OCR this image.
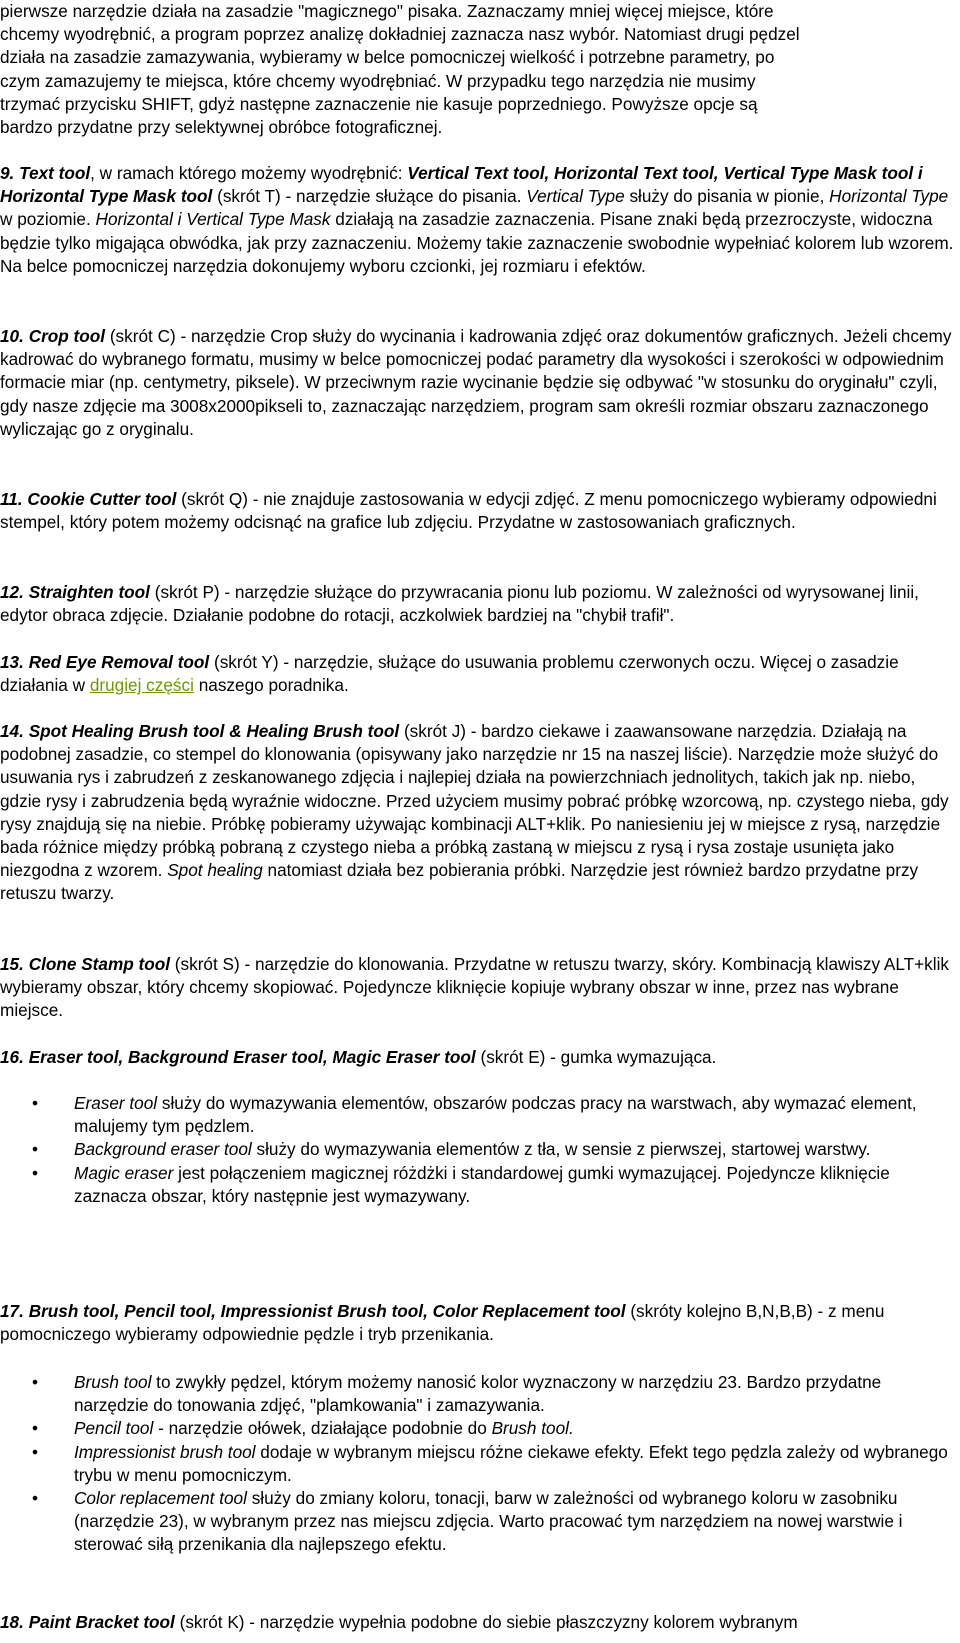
pierwsze narzędzie działa na zasadzie "magicznego" pisaka. Zaznaczamy mniej więcej miejsce, które
chcemy wyodrębnić, a program poprzez analizę dokładniej zaznacza nasz wybór. Natomiast drugi pędzel
działa na zasadzie zamazywania, wybieramy w belce pomocniczej wielkość i potrzebne parametry, po
czym zamazujemy te miejsca, które chcemy wyodrębniać. W przypadku tego narzędzia nie musimy
trzymać przycisku SHIFT, gdyż następne zaznaczenie nie kasuje poprzedniego. Powyższe opcje są
bardzo przydatne przy selektywnej obróbce fotograficznej.

9. Text tool, w ramach którego możemy wyodrębnić: Vertical Text tool, Horizontal Text tool, Vertical Type Mask tool i Horizontal Type Mask tool (skrót T) - narzędzie służące do pisania. Vertical Type służy do pisania w pionie, Horizontal Type w poziomie. Horizontal i Vertical Type Mask działają na zasadzie zaznaczenia. Pisane znaki będą przezroczyste, widoczna będzie tylko migająca obwódka, jak przy zaznaczeniu. Możemy takie zaznaczenie swobodnie wypełniać kolorem lub wzorem. Na belce pomocniczej narzędzia dokonujemy wyboru czcionki, jej rozmiaru i efektów.

10. Crop tool (skrót C) - narzędzie Crop służy do wycinania i kadrowania zdjęć oraz dokumentów graficznych. Jeżeli chcemy kadrować do wybranego formatu, musimy w belce pomocniczej podać parametry dla wysokości i szerokości w odpowiednim formacie miar (np. centymetry, piksele). W przeciwnym razie wycinanie będzie się odbywać "w stosunku do oryginału" czyli, gdy nasze zdjęcie ma 3008x2000pikseli to, zaznaczając narzędziem, program sam określi rozmiar obszaru zaznaczonego wyliczając go z oryginalu.

11. Cookie Cutter tool (skrót Q) - nie znajduje zastosowania w edycji zdjęć. Z menu pomocniczego wybieramy odpowiedni stempel, który potem możemy odcisnąć na grafice lub zdjęciu. Przydatne w zastosowaniach graficznych.

12. Straighten tool (skrót P) - narzędzie służące do przywracania pionu lub poziomu. W zależności od wyrysowanej linii, edytor obraca zdjęcie. Działanie podobne do rotacji, aczkolwiek bardziej na "chybił trafił".

13. Red Eye Removal tool (skrót Y) - narzędzie, służące do usuwania problemu czerwonych oczu. Więcej o zasadzie działania w drugiej części naszego poradnika.

14. Spot Healing Brush tool & Healing Brush tool (skrót J) - bardzo ciekawe i zaawansowane narzędzia. Działają na podobnej zasadzie, co stempel do klonowania (opisywany jako narzędzie nr 15 na naszej liście). Narzędzie może służyć do usuwania rys i zabrudzeń z zeskanowanego zdjęcia i najlepiej działa na powierzchniach jednolitych, takich jak np. niebo, gdzie rysy i zabrudzenia będą wyraźnie widoczne. Przed użyciem musimy pobrać próbkę wzorcową, np. czystego nieba, gdy rysy znajdują się na niebie. Próbkę pobieramy używając kombinacji ALT+klik. Po naniesieniu jej w miejsce z rysą, narzędzie bada różnice między próbką pobraną z czystego nieba a próbką zastaną w miejscu z rysą i rysa zostaje usunięta jako niezgodna z wzorem. Spot healing natomiast działa bez pobierania próbki. Narzędzie jest również bardzo przydatne przy retuszu twarzy.

15. Clone Stamp tool (skrót S) - narzędzie do klonowania. Przydatne w retuszu twarzy, skóry. Kombinacją klawiszy ALT+klik wybieramy obszar, który chcemy skopiować. Pojedyncze kliknięcie kopiuje wybrany obszar w inne, przez nas wybrane miejsce.

16. Eraser tool, Background Eraser tool, Magic Eraser tool (skrót E) - gumka wymazująca.

• Eraser tool służy do wymazywania elementów, obszarów podczas pracy na warstwach, aby wymazać element, malujemy tym pędzlem.
• Background eraser tool służy do wymazywania elementów z tła, w sensie z pierwszej, startowej warstwy.
• Magic eraser jest połączeniem magicznej różdżki i standardowej gumki wymazującej. Pojedyncze kliknięcie zaznacza obszar, który następnie jest wymazywany.

17. Brush tool, Pencil tool, Impressionist Brush tool, Color Replacement tool (skróty kolejno B,N,B,B) - z menu pomocniczego wybieramy odpowiednie pędzle i tryb przenikania.

• Brush tool to zwykły pędzel, którym możemy nanosić kolor wyznaczony w narzędziu 23. Bardzo przydatne narzędzie do tonowania zdjęć, "plamkowania" i zamazywania.
• Pencil tool - narzędzie ołówek, działające podobnie do Brush tool.
• Impressionist brush tool dodaje w wybranym miejscu różne ciekawe efekty. Efekt tego pędzla zależy od wybranego trybu w menu pomocniczym.
• Color replacement tool służy do zmiany koloru, tonacji, barw w zależności od wybranego koloru w zasobniku (narzędzie 23), w wybranym przez nas miejscu zdjęcia. Warto pracować tym narzędziem na nowej warstwie i sterować siłą przenikania dla najlepszego efektu.

18. Paint Bracket tool (skrót K) - narzędzie wypełnia podobne do siebie płaszczyzny kolorem wybranym
